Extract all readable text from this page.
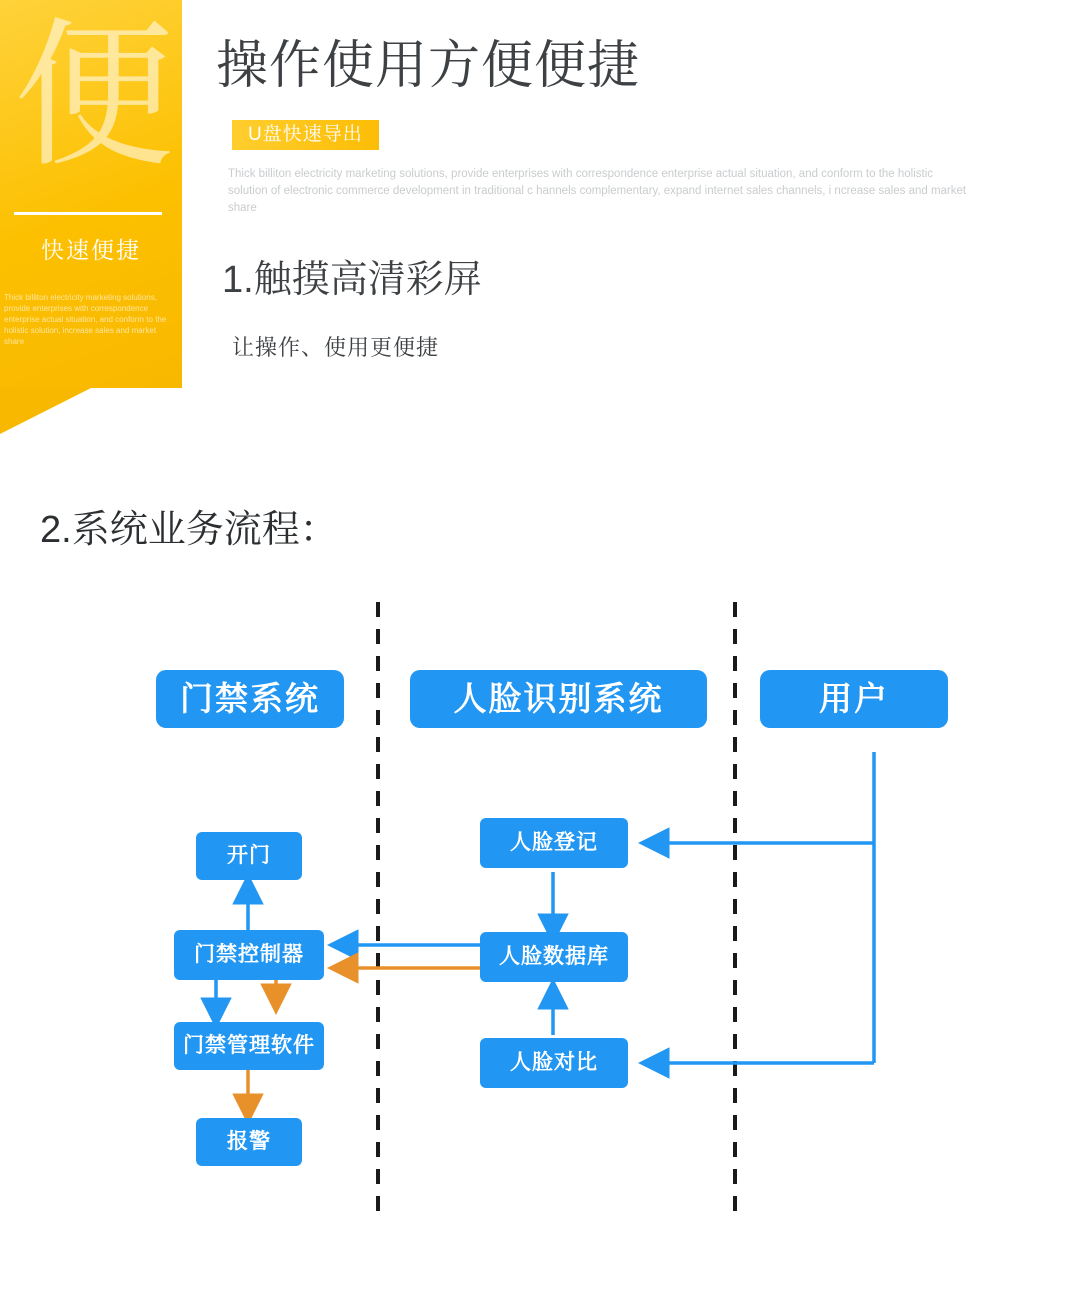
便
快速便捷
Thick billiton electricity marketing solutions, provide enterprises with correspondence enterprise actual situation, and conform to the holistic solution, increase sales and market share
操作使用方便便捷
U盘快速导出
Thick billiton electricity marketing solutions, provide enterprises with correspondence enterprise actual situation, and conform to the holistic solution of electronic commerce development in traditional c hannels complementary, expand internet sales channels, i ncrease sales and market share
1.触摸高清彩屏
让操作、使用更便捷
2.系统业务流程：
门禁系统	人脸识别系统	用户
开门
门禁控制器
门禁管理软件
报警
人脸登记
人脸数据库
人脸对比
